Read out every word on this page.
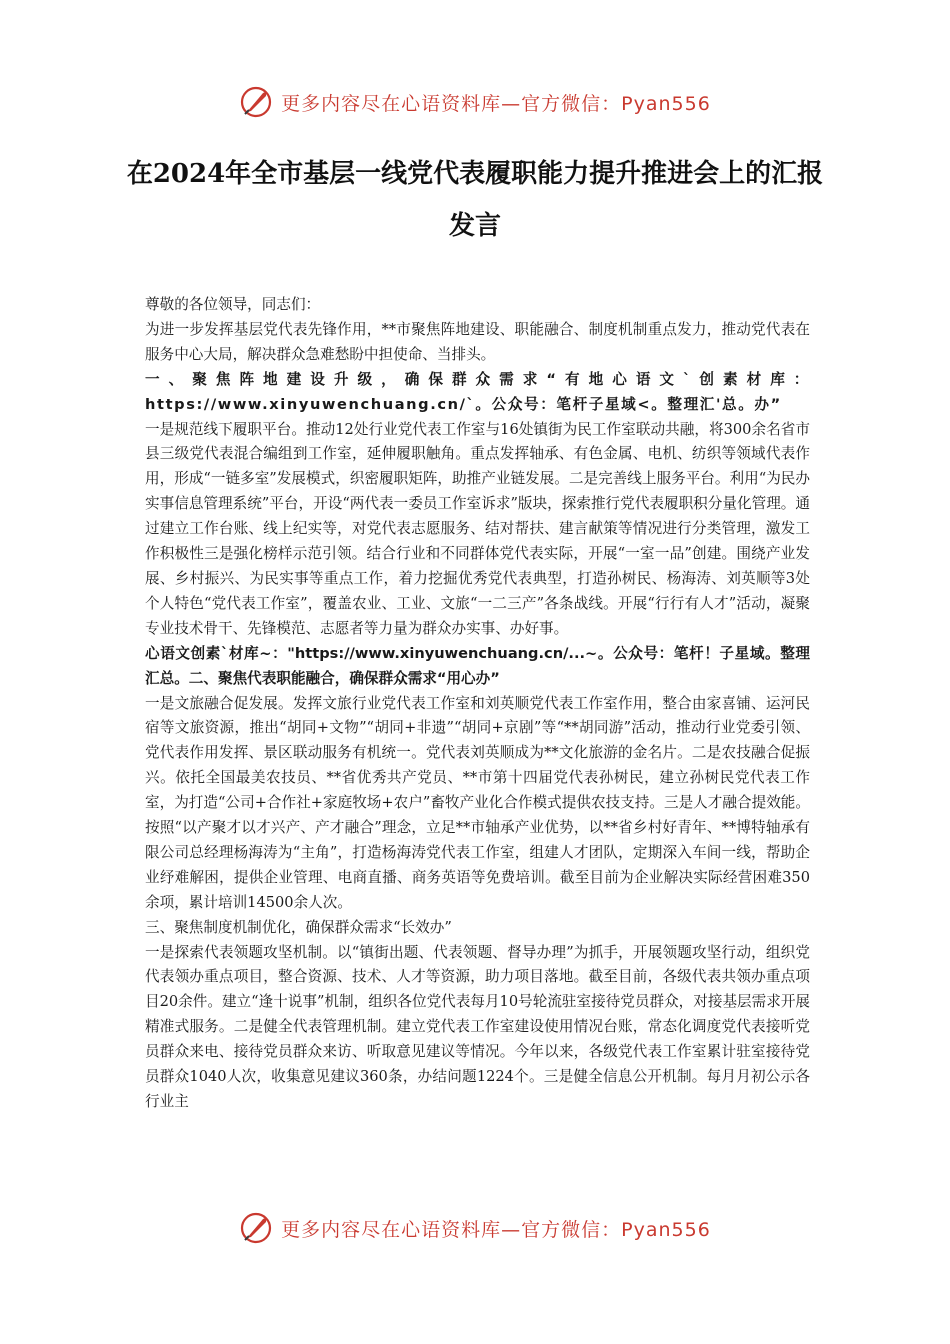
更多内容尽在心语资料库—官方微信：Pyan556
在2024年全市基层一线党代表履职能力提升推进会上的汇报发言

尊敬的各位领导，同志们：

为进一步发挥基层党代表先锋作用，**市聚焦阵地建设、职能融合、制度机制重点发力，推动党代表在服务中心大局，解决群众急难愁盼中担使命、当排头。

一、聚焦阵地建设升级，确保群众需求“有地心语文`创素材库：https://www.xinyuwenchuang.cn/`。公众号：笔杆子星域<。整理汇'总。办”

一是规范线下履职平台。推动12处行业党代表工作室与16处镇街为民工作室联动共融，将300余名省市县三级党代表混合编组到工作室，延伸履职触角。重点发挥轴承、有色金属、电机、纺织等领域代表作用，形成“一链多室”发展模式，织密履职矩阵，助推产业链发展。二是完善线上服务平台。利用“为民办实事信息管理系统”平台，开设“两代表一委员工作室诉求”版块，探索推行党代表履职积分量化管理。通过建立工作台账、线上纪实等，对党代表志愿服务、结对帮扶、建言献策等情况进行分类管理，激发工作积极性三是强化榜样示范引领。结合行业和不同群体党代表实际，开展“一室一品”创建。围绕产业发展、乡村振兴、为民实事等重点工作，着力挖掘优秀党代表典型，打造孙树民、杨海涛、刘英顺等3处个人特色“党代表工作室”，覆盖农业、工业、文旅“一二三产”各条战线。开展“行行有人才”活动，凝聚专业技术骨干、先锋模范、志愿者等力量为群众办实事、办好事。

心语文创素`材库~："https://www.xinyuwenchuang.cn/...~。公众号：笔杆！子星域。整理汇总。二、聚焦代表职能融合，确保群众需求“用心办”

一是文旅融合促发展。发挥文旅行业党代表工作室和刘英顺党代表工作室作用，整合由家喜铺、运河民宿等文旅资源，推出“胡同+文物”“胡同+非遗”“胡同+京剧”等“**胡同游”活动，推动行业党委引领、党代表作用发挥、景区联动服务有机统一。党代表刘英顺成为**文化旅游的金名片。二是农技融合促振兴。依托全国最美农技员、**省优秀共产党员、**市第十四届党代表孙树民，建立孙树民党代表工作室，为打造“公司+合作社+家庭牧场+农户”畜牧产业化合作模式提供农技支持。三是人才融合提效能。按照“以产聚才以才兴产、产才融合”理念，立足**市轴承产业优势，以**省乡村好青年、**博特轴承有限公司总经理杨海涛为“主角”，打造杨海涛党代表工作室，组建人才团队，定期深入车间一线，帮助企业纾难解困，提供企业管理、电商直播、商务英语等免费培训。截至目前为企业解决实际经营困难350余项，累计培训14500余人次。

三、聚焦制度机制优化，确保群众需求“长效办”

一是探索代表领题攻坚机制。以“镇街出题、代表领题、督导办理”为抓手，开展领题攻坚行动，组织党代表领办重点项目，整合资源、技术、人才等资源，助力项目落地。截至目前，各级代表共领办重点项目20余件。建立“逢十说事”机制，组织各位党代表每月10号轮流驻室接待党员群众，对接基层需求开展精准式服务。二是健全代表管理机制。建立党代表工作室建设使用情况台账，常态化调度党代表接听党员群众来电、接待党员群众来访、听取意见建议等情况。今年以来，各级党代表工作室累计驻室接待党员群众1040人次，收集意见建议360条，办结问题1224个。三是健全信息公开机制。每月月初公示各行业主

更多内容尽在心语资料库—官方微信：Pyan556
